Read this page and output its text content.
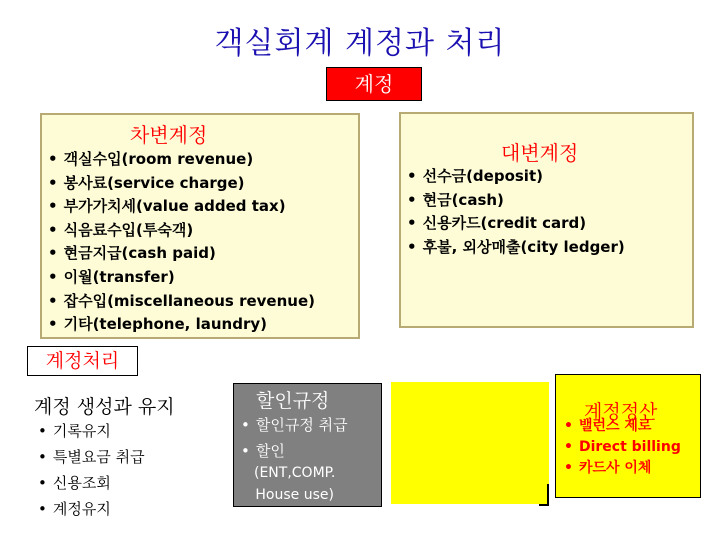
객실회계 계정과 처리
계정
차변계정
• 객실수입(room revenue)
• 봉사료(service charge)
• 부가가치세(value added tax)
• 식음료수입(투숙객)
• 현금지급(cash paid)
• 이월(transfer)
• 잡수입(miscellaneous revenue)
• 기타(telephone, laundry)
대변계정
• 선수금(deposit)
• 현금(cash)
• 신용카드(credit card)
• 후불, 외상매출(city ledger)
계정처리
계정 생성과 유지
• 기록유지
• 특별요금 취급
• 신용조회
• 계정유지
할인규정
• 할인규정 취급
• 할인
(ENT,COMP.
House use)
계정정산
• 밸런스 제로
• Direct billing
• 카드사 이체
